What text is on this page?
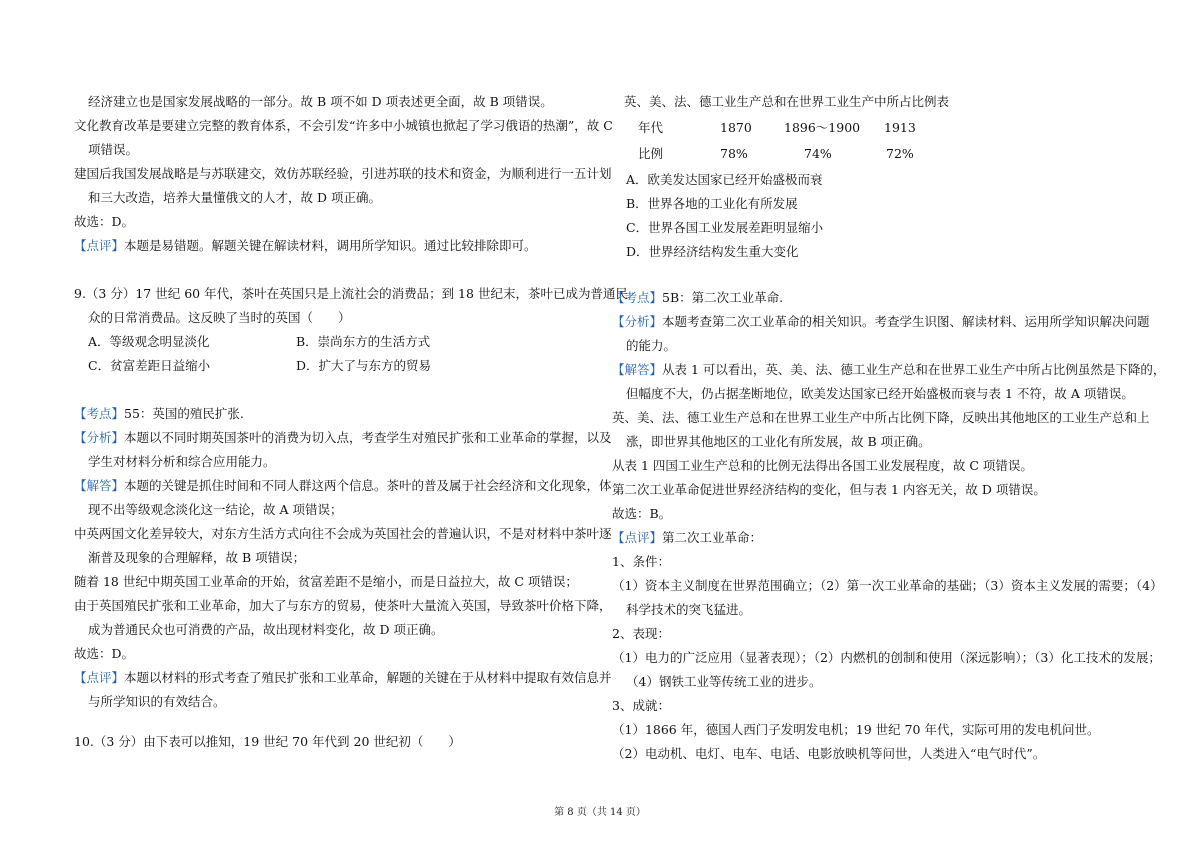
经济建立也是国家发展战略的一部分。故 B 项不如 D 项表述更全面，故 B 项错误。
文化教育改革是要建立完整的教育体系，不会引发“许多中小城镇也掀起了学习俄语的热潮”，故 C
项错误。
建国后我国发展战略是与苏联建交，效仿苏联经验，引进苏联的技术和资金，为顺利进行一五计划
和三大改造，培养大量懂俄文的人才，故 D 项正确。
故选：D。
【点评】本题是易错题。解题关键在解读材料，调用所学知识。通过比较排除即可。
9.（3 分）17 世纪 60 年代，茶叶在英国只是上流社会的消费品；到 18 世纪末，茶叶已成为普通民
众的日常消费品。这反映了当时的英国（　　）
A．等级观念明显淡化	B．崇尚东方的生活方式
C．贫富差距日益缩小	D．扩大了与东方的贸易
【考点】55：英国的殖民扩张.
【分析】本题以不同时期英国茶叶的消费为切入点，考查学生对殖民扩张和工业革命的掌握，以及
学生对材料分析和综合应用能力。
【解答】本题的关键是抓住时间和不同人群这两个信息。茶叶的普及属于社会经济和文化现象，体
现不出等级观念淡化这一结论，故 A 项错误；
中英两国文化差异较大，对东方生活方式向往不会成为英国社会的普遍认识，不是对材料中茶叶逐
渐普及现象的合理解释，故 B 项错误；
随着 18 世纪中期英国工业革命的开始，贫富差距不是缩小，而是日益拉大，故 C 项错误；
由于英国殖民扩张和工业革命，加大了与东方的贸易，使茶叶大量流入英国，导致茶叶价格下降，
成为普通民众也可消费的产品，故出现材料变化，故 D 项正确。
故选：D。
【点评】本题以材料的形式考查了殖民扩张和工业革命，解题的关键在于从材料中提取有效信息并
与所学知识的有效结合。
10.（3 分）由下表可以推知，19 世纪 70 年代到 20 世纪初（　　）
英、美、法、德工业生产总和在世界工业生产中所占比例表
年代	1870	1896～1900 1913
比例	78%	74%	72%
A．欧美发达国家已经开始盛极而衰
B．世界各地的工业化有所发展
C．世界各国工业发展差距明显缩小
D．世界经济结构发生重大变化
【考点】5B：第二次工业革命.
【分析】本题考查第二次工业革命的相关知识。考查学生识图、解读材料、运用所学知识解决问题
的能力。
【解答】从表 1 可以看出，英、美、法、德工业生产总和在世界工业生产中所占比例虽然是下降的，
但幅度不大，仍占据垄断地位，欧美发达国家已经开始盛极而衰与表 1 不符，故 A 项错误。
英、美、法、德工业生产总和在世界工业生产中所占比例下降，反映出其他地区的工业生产总和上
涨，即世界其他地区的工业化有所发展，故 B 项正确。
从表 1 四国工业生产总和的比例无法得出各国工业发展程度，故 C 项错误。
第二次工业革命促进世界经济结构的变化，但与表 1 内容无关，故 D 项错误。
故选：B。
【点评】第二次工业革命：
1、条件：
（1）资本主义制度在世界范围确立；（2）第一次工业革命的基础；（3）资本主义发展的需要；（4）
科学技术的突飞猛进。
2、表现：
（1）电力的广泛应用（显著表现）；（2）内燃机的创制和使用（深远影响）；（3）化工技术的发展；
（4）钢铁工业等传统工业的进步。
3、成就：
（1）1866 年，德国人西门子发明发电机；19 世纪 70 年代，实际可用的发电机问世。
（2）电动机、电灯、电车、电话、电影放映机等问世，人类进入“电气时代”。
第 8 页（共 14 页）
